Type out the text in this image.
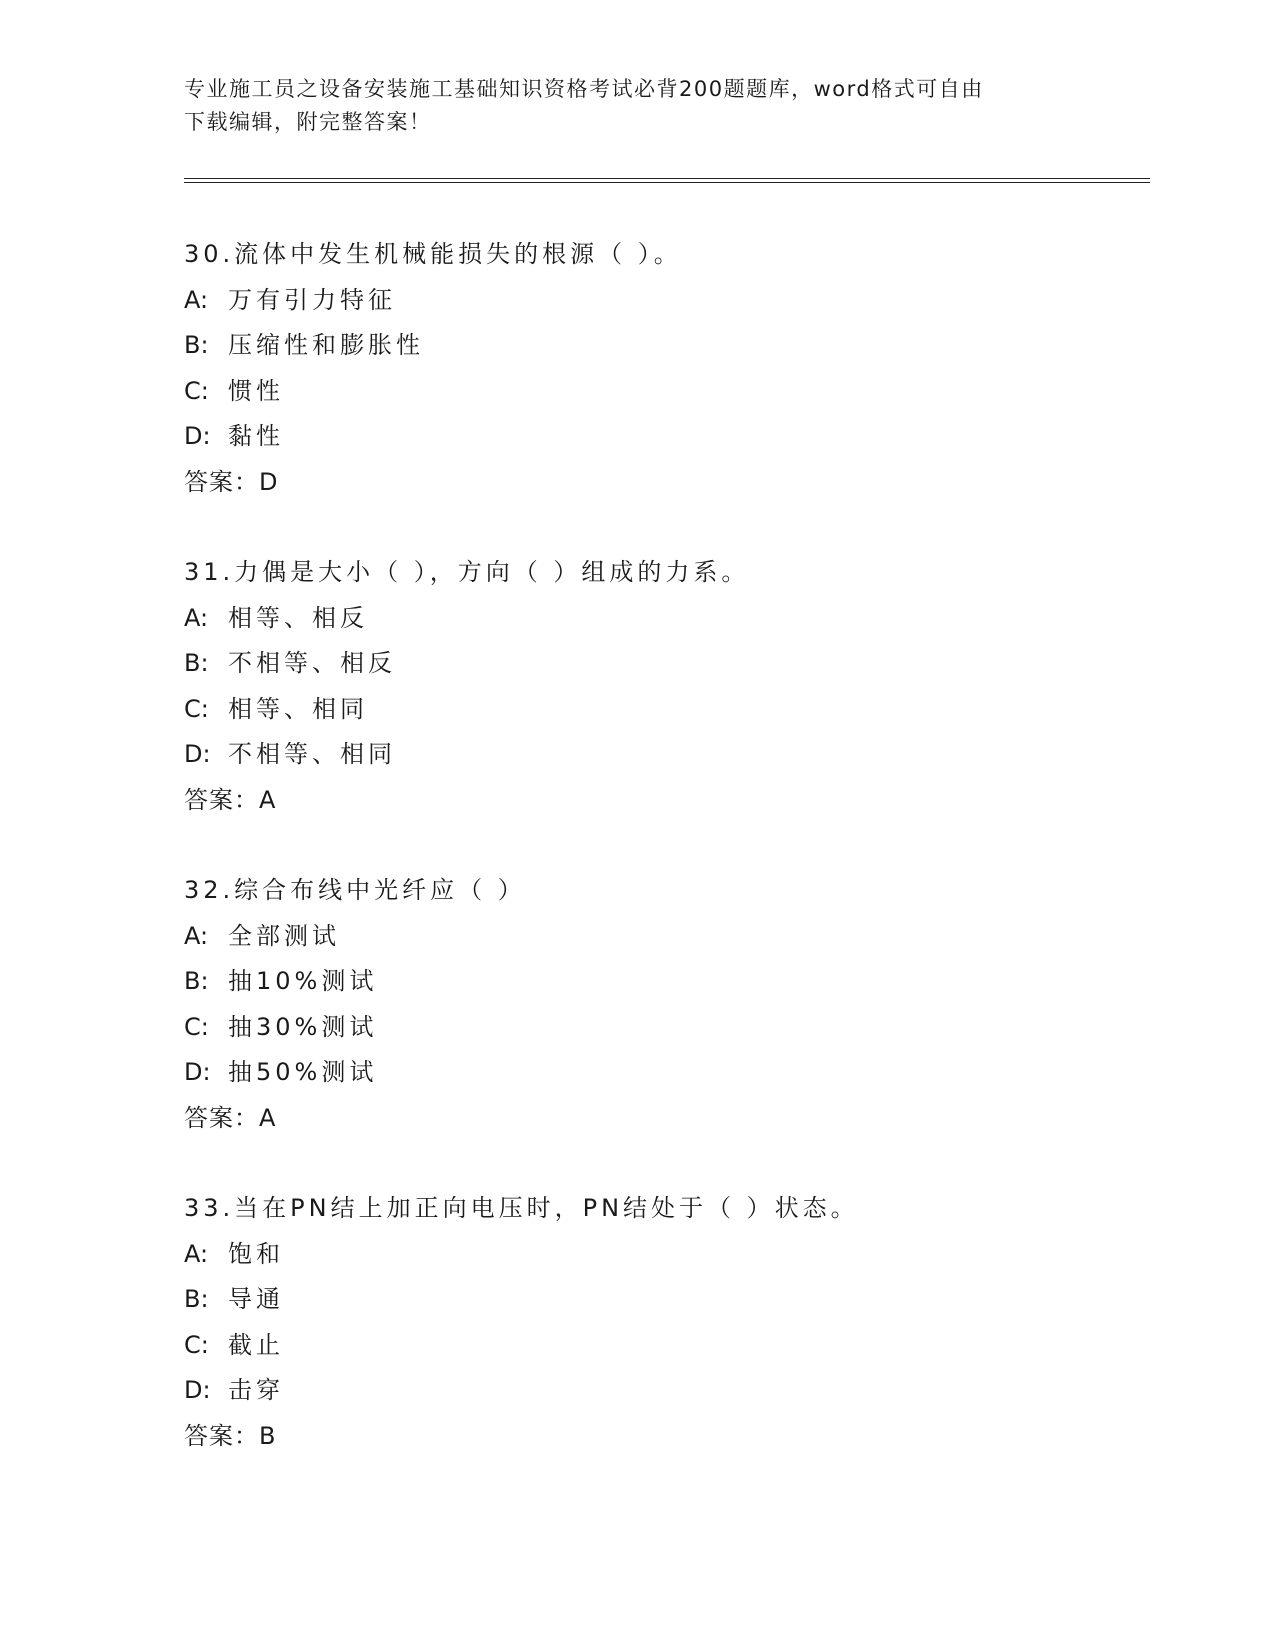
专业施工员之设备安装施工基础知识资格考试必背200题题库，word格式可自由
下载编辑，附完整答案！
30.流体中发生机械能损失的根源（ ）。
A: 万有引力特征
B: 压缩性和膨胀性
C: 惯性
D: 黏性
答案：D
31.力偶是大小（ ），方向（ ）组成的力系。
A: 相等、相反
B: 不相等、相反
C: 相等、相同
D: 不相等、相同
答案：A
32.综合布线中光纤应（ ）
A: 全部测试
B: 抽10%测试
C: 抽30%测试
D: 抽50%测试
答案：A
33.当在PN结上加正向电压时，PN结处于（ ）状态。
A: 饱和
B: 导通
C: 截止
D: 击穿
答案：B
